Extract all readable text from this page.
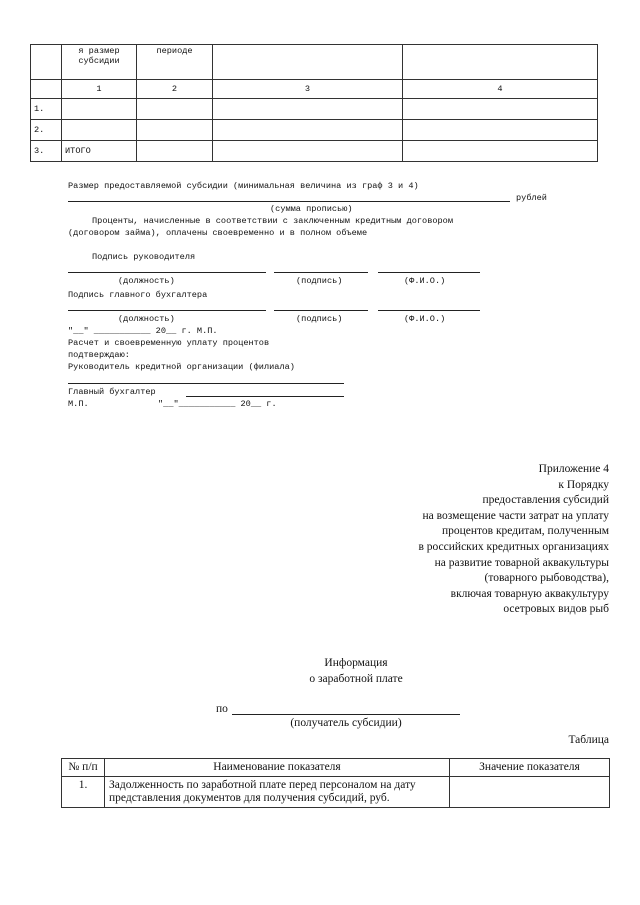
	я размер субсидии	периоде		
	1	2	3	4
1.				
2.				
3.	ИТОГО			
Размер предоставляемой субсидии (минимальная величина из граф 3 и 4)
рублей
(сумма прописью)
Проценты, начисленные в соответствии с заключенным кредитным договором
(договором займа), оплачены своевременно и в полном объеме
Подпись руководителя
(должность)	(подпись)	(Ф.И.О.)
Подпись главного бухгалтера
(должность)	(подпись)	(Ф.И.О.)
"__" ___________ 20__ г. М.П.
Расчет и своевременную уплату процентов
подтверждаю:
Руководитель кредитной организации (филиала)
Главный бухгалтер
М.П.	"__"___________ 20__ г.
Приложение 4
к Порядку
предоставления субсидий
на возмещение части затрат на уплату
процентов кредитам, полученным
в российских кредитных организациях
на развитие товарной аквакультуры
(товарного рыбоводства),
включая товарную аквакультуру
осетровых видов рыб
Информация
о заработной плате
по
(получатель субсидии)
Таблица
№ п/п	Наименование показателя	Значение показателя
1.	Задолженность по заработной плате перед персоналом на дату представления документов для получения субсидий, руб.	
